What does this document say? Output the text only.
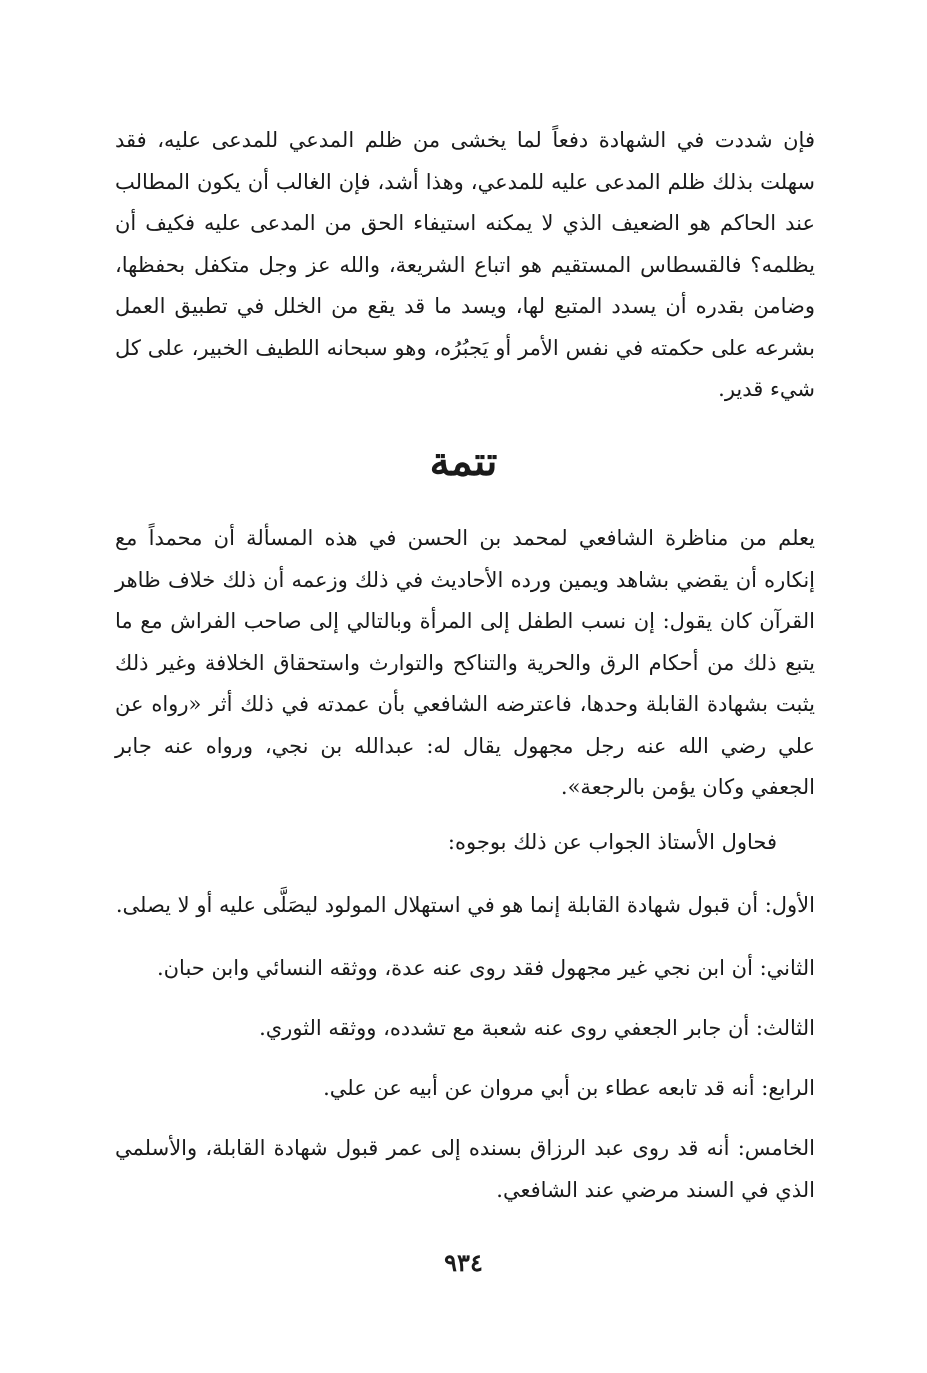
فإن شددت في الشهادة دفعاً لما يخشى من ظلم المدعي للمدعى عليه، فقد سهلت بذلك ظلم المدعى عليه للمدعي، وهذا أشد، فإن الغالب أن يكون المطالب عند الحاكم هو الضعيف الذي لا يمكنه استيفاء الحق من المدعى عليه فكيف أن يظلمه؟ فالقسطاس المستقيم هو اتباع الشريعة، والله عز وجل متكفل بحفظها، وضامن بقدره أن يسدد المتبع لها، ويسد ما قد يقع من الخلل في تطبيق العمل بشرعه على حكمته في نفس الأمر أو يَجبُرُه، وهو سبحانه اللطيف الخبير، على كل شيء قدير.
تتمة
يعلم من مناظرة الشافعي لمحمد بن الحسن في هذه المسألة أن محمداً مع إنكاره أن يقضي بشاهد ويمين ورده الأحاديث في ذلك وزعمه أن ذلك خلاف ظاهر القرآن كان يقول: إن نسب الطفل إلى المرأة وبالتالي إلى صاحب الفراش مع ما يتبع ذلك من أحكام الرق والحرية والتناكح والتوارث واستحقاق الخلافة وغير ذلك يثبت بشهادة القابلة وحدها، فاعترضه الشافعي بأن عمدته في ذلك أثر «رواه عن علي رضي الله عنه رجل مجهول يقال له: عبدالله بن نجي، ورواه عنه جابر الجعفي وكان يؤمن بالرجعة».
فحاول الأستاذ الجواب عن ذلك بوجوه:
الأول: أن قبول شهادة القابلة إنما هو في استهلال المولود ليصَلَّى عليه أو لا يصلى.
الثاني: أن ابن نجي غير مجهول فقد روى عنه عدة، ووثقه النسائي وابن حبان.
الثالث: أن جابر الجعفي روى عنه شعبة مع تشدده، ووثقه الثوري.
الرابع: أنه قد تابعه عطاء بن أبي مروان عن أبيه عن علي.
الخامس: أنه قد روى عبد الرزاق بسنده إلى عمر قبول شهادة القابلة، والأسلمي الذي في السند مرضي عند الشافعي.
٩٣٤
